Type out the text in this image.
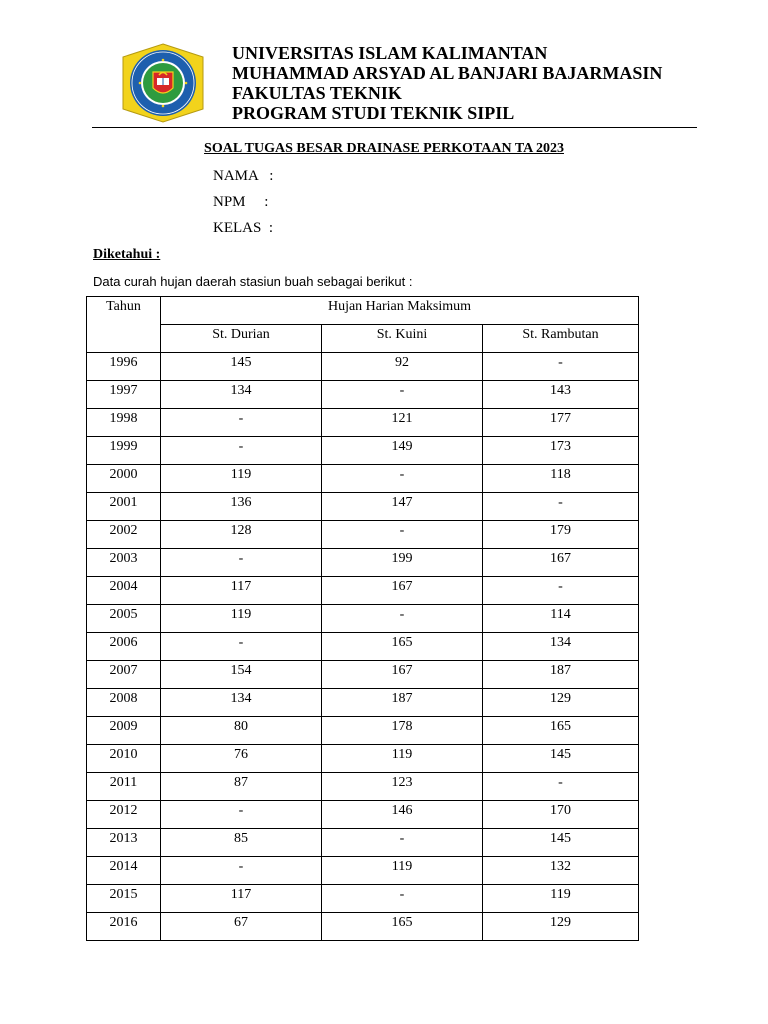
UNIVERSITAS ISLAM KALIMANTAN
MUHAMMAD ARSYAD AL BANJARI BAJARMASIN
FAKULTAS TEKNIK
PROGRAM STUDI TEKNIK SIPIL
SOAL TUGAS BESAR DRAINASE PERKOTAAN TA 2023
NAMA   :
NPM     :
KELAS  :
Diketahui :
Data curah hujan daerah stasiun buah sebagai berikut :
Tahun	Hujan Harian Maksimum		
	St. Durian	St. Kuini	St. Rambutan
1996	145	92	-
1997	134	-	143
1998	-	121	177
1999	-	149	173
2000	119	-	118
2001	136	147	-
2002	128	-	179
2003	-	199	167
2004	117	167	-
2005	119	-	114
2006	-	165	134
2007	154	167	187
2008	134	187	129
2009	80	178	165
2010	76	119	145
2011	87	123	-
2012	-	146	170
2013	85	-	145
2014	-	119	132
2015	117	-	119
2016	67	165	129
